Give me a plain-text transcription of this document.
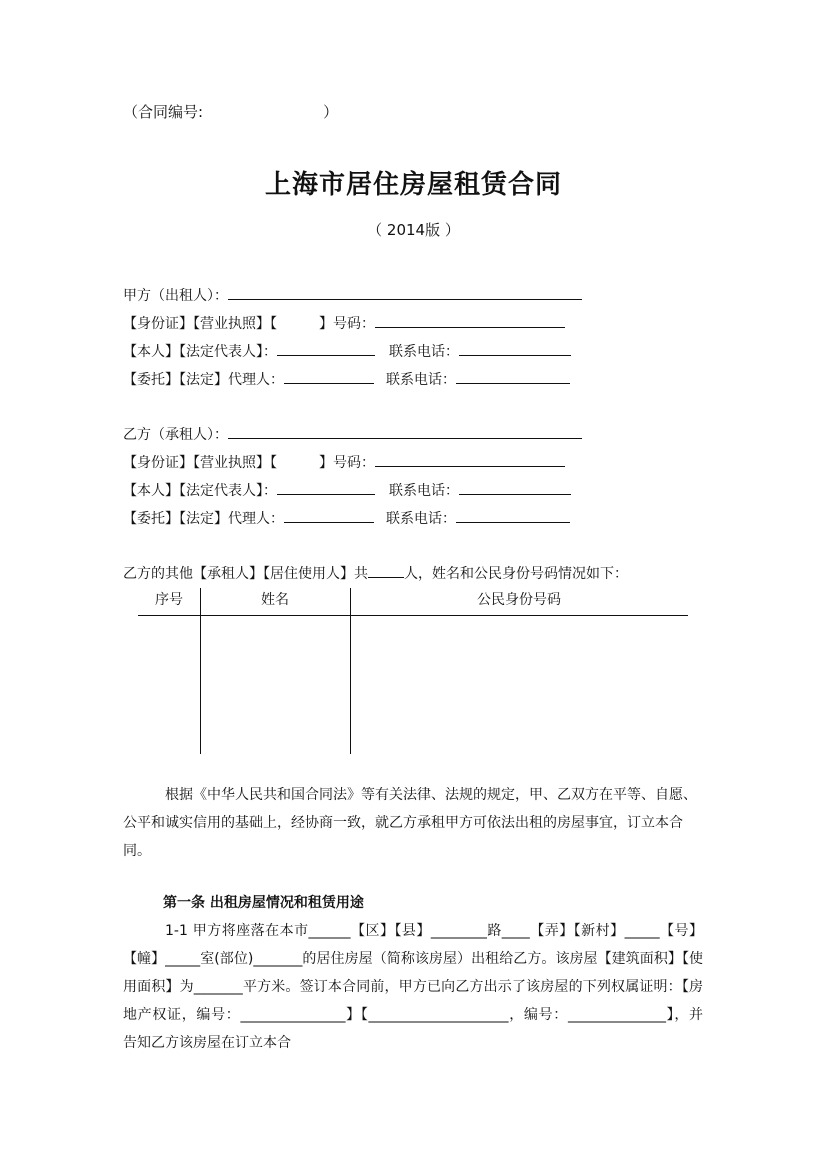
（合同编号:	）
上海市居住房屋租赁合同
（ 2014版 ）
甲方（出租人）：
【身份证】【营业执照】【	】号码：
【本人】【法定代表人】：	联系电话：
【委托】【法定】代理人：	联系电话：
乙方（承租人）：
【身份证】【营业执照】【	】号码：
【本人】【法定代表人】：	联系电话：
【委托】【法定】代理人：	联系电话：
乙方的其他【承租人】【居住使用人】共	人，姓名和公民身份号码情况如下：
序号	姓名	公民身份号码
根据《中华人民共和国合同法》等有关法律、法规的规定，甲、乙双方在平等、自愿、公平和诚实信用的基础上，经协商一致，就乙方承租甲方可依法出租的房屋事宜，订立本合同。
第一条 出租房屋情况和租赁用途
1-1 甲方将座落在本市______【区】【县】________路____【弄】【新村】_____【号】【幢】_____室(部位)_______的居住房屋（简称该房屋）出租给乙方。该房屋【建筑面积】【使用面积】为_______平方米。签订本合同前，甲方已向乙方出示了该房屋的下列权属证明：【房地产权证，编号：_______________】【____________________，编号：______________】，并告知乙方该房屋在订立本合
